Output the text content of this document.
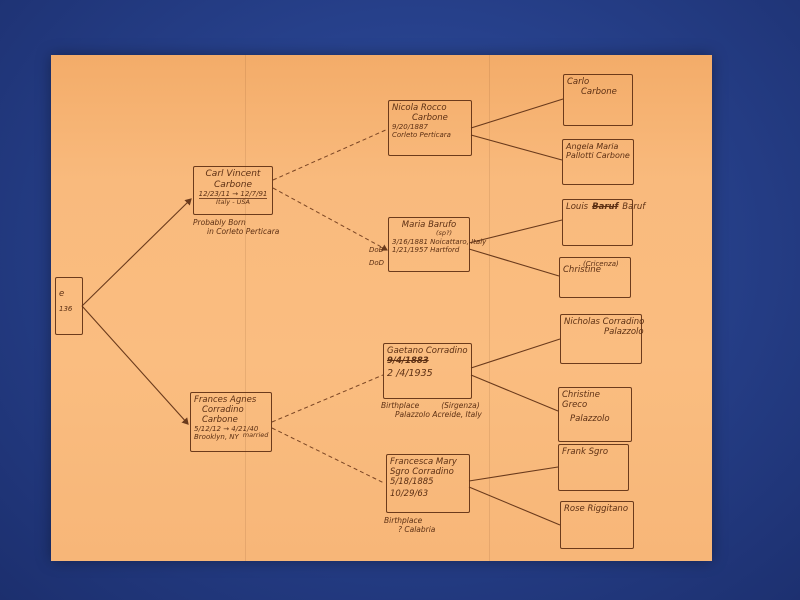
e
136
Carl Vincent
Carbone
12/23/11 → 12/7/91
Italy - USA
Probably Born
in Corleto Perticara
Frances Agnes
Corradino
Carbone
5/12/12 → 4/21/40
Brooklyn, NY married
Nicola Rocco
Carbone
9/20/1887
Corleto Perticara
Maria Barufo
(sp?)
3/16/1881 Noicattaro, Italy
1/21/1957 Hartford
DoB
DoD
Gaetano Corradino
9/4/1883
2 /4/1935
Birthplace	(Sirgenza)
Palazzolo Acreide, Italy
Francesca Mary
Sgro Corradino
5/18/1885
10/29/63
Birthplace
? Calabria
Carlo
Carbone
Angela Maria
Pallotti Carbone
Louis Baruf Baruf
(Cricenza)
Christine
Nicholas Corradino
Palazzolo
Christine
Greco
Palazzolo
Frank Sgro
Rose Riggitano
